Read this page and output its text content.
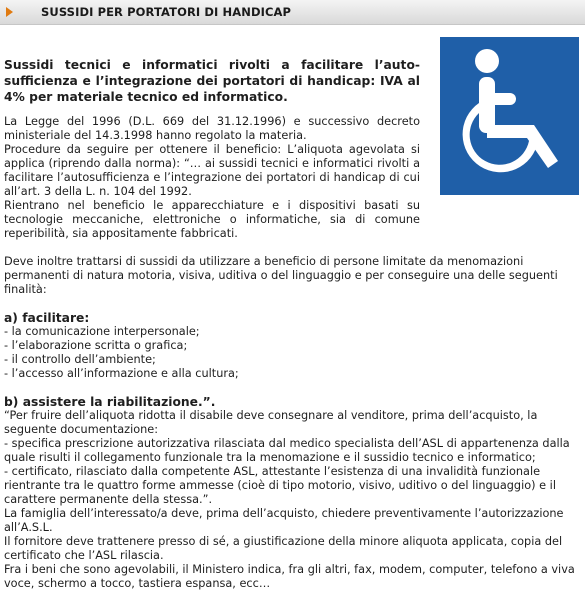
SUSSIDI PER PORTATORI DI HANDICAP

Sussidi tecnici e informatici rivolti a facilitare l’auto- sufficienza e l’integrazione dei portatori di handicap: IVA al 4% per materiale tecnico ed informatico.

La Legge del 1996 (D.L. 669 del 31.12.1996) e successivo decreto ministeriale del 14.3.1998 hanno regolato la materia.

Procedure da seguire per ottenere il beneficio: L’aliquota agevolata si applica (riprendo dalla norma): “… ai sussidi tecnici e informatici rivolti a facilitare l’autosufficienza e l’integrazione dei portatori di handicap di cui all’art. 3 della L. n. 104 del 1992.

Rientrano nel beneficio le apparecchiature e i dispositivi basati su tecnologie meccaniche, elettroniche o informatiche, sia di comune reperibilità, sia appositamente fabbricati.

Deve inoltre trattarsi di sussidi da utilizzare a beneficio di persone limitate da menomazioni permanenti di natura motoria, visiva, uditiva o del linguaggio e per conseguire una delle seguenti finalità:

a) facilitare:

- la comunicazione interpersonale;

- l’elaborazione scritta o grafica;

- il controllo dell’ambiente;

- l’accesso all’informazione e alla cultura;

b) assistere la riabilitazione.”.

“Per fruire dell’aliquota ridotta il disabile deve consegnare al venditore, prima dell’acquisto, la seguente documentazione:

- specifica prescrizione autorizzativa rilasciata dal medico specialista dell’ASL di appartenenza dalla quale risulti il collegamento funzionale tra la menomazione e il sussidio tecnico e informatico;

- certificato, rilasciato dalla competente ASL, attestante l’esistenza di una invalidità funzionale rientrante tra le quattro forme ammesse (cioè di tipo motorio, visivo, uditivo o del linguaggio) e il carattere permanente della stessa.”.

La famiglia dell’interessato/a deve, prima dell’acquisto, chiedere preventivamente l’autorizzazione all’A.S.L.

Il fornitore deve trattenere presso di sé, a giustificazione della minore aliquota applicata, copia del certificato che l’ASL rilascia.

Fra i beni che sono agevolabili, il Ministero indica, fra gli altri, fax, modem, computer, telefono a viva voce, schermo a tocco, tastiera espansa, ecc…
